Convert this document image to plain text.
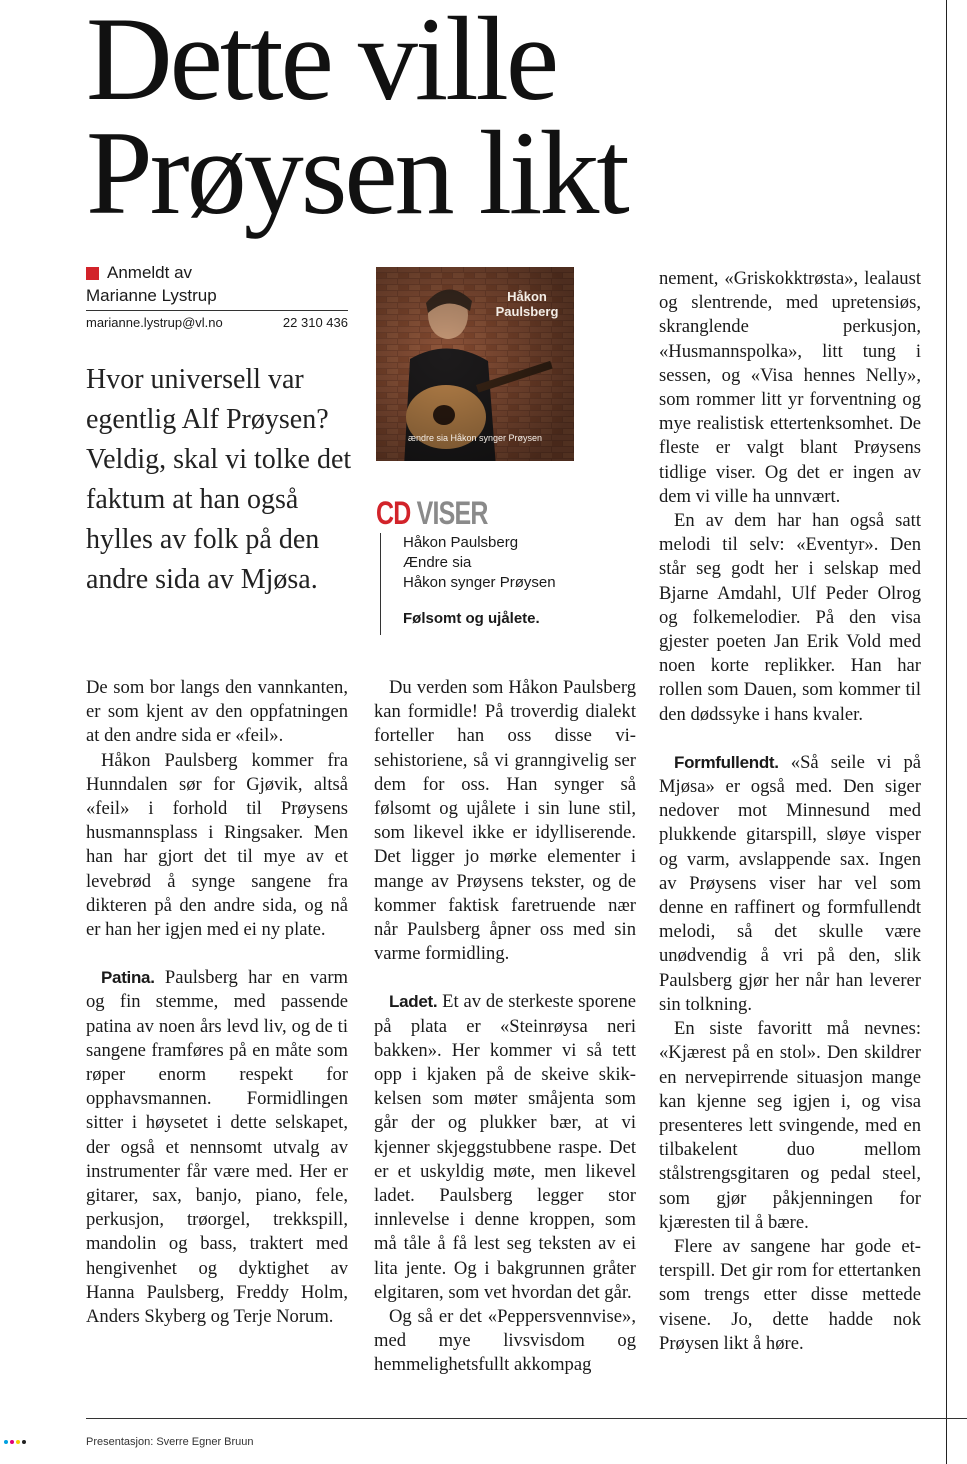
Dette ville
Prøysen likt
Anmeldt av
Marianne Lystrup
marianne.lystrup@vl.no	22 310 436
Hvor universell var egentlig Alf Prøysen? Veldig, skal vi tolke det faktum at han også hylles av folk på den andre sida av Mjøsa.
Håkon
Paulsberg
ændre sia Håkon synger Prøysen
CD VISER
Håkon Paulsberg
Ændre sia
Håkon synger Prøysen
Følsomt og ujålete.

De som bor langs den vannkanten, er som kjent av den oppfatningen at den andre sida er «feil».

Håkon Paulsberg kommer fra Hunndalen sør for Gjøvik, altså «feil» i forhold til Prøysens husmannsplass i Ringsaker. Men han har gjort det til mye av et levebrød å synge sangene fra dikteren på den andre sida, og nå er han her igjen med ei ny plate.

Patina. Paulsberg har en varm og fin stemme, med passende patina av noen års levd liv, og de ti sangene framføres på en måte som røper enorm respekt for opphavsmannen. Formidlingen sitter i høysetet i dette selskapet, der også et nennsomt utvalg av instrumenter får være med. Her er gitarer, sax, banjo, piano, fele, perkusjon, trøorgel, trekkspill, mandolin og bass, traktert med hengivenhet og dyktighet av Hanna Paulsberg, Freddy Holm, Anders Skyberg og Terje Norum.

Du verden som Håkon Paulsberg kan formidle! På troverdig dialekt forteller han oss disse visehistoriene, så vi granngivelig ser dem for oss. Han synger så følsomt og ujålete i sin lune stil, som likevel ikke er idylliserende. Det ligger jo mørke elementer i mange av Prøysens tekster, og de kommer faktisk faretruende nær når Paulsberg åpner oss med sin varme formidling.

Ladet. Et av de sterkeste sporene på plata er «Steinrøysa neri bakken». Her kommer vi så tett opp i kjaken på de skeive skikkelsen som møter småjenta som går der og plukker bær, at vi kjenner skjeggstubbene raspe. Det er et uskyldig møte, men likevel ladet. Paulsberg legger stor innlevelse i denne kroppen, som må tåle å få lest seg teksten av ei lita jente. Og i bakgrunnen gråter elgitaren, som vet hvordan det går.

Og så er det «Peppersvennvise», med mye livsvisdom og hemmelighetsfullt akkompag

nement, «Griskokktrøsta», lealaust og slentrende, med upretensiøs, skranglende perkusjon, «Husmannspolka», litt tung i sessen, og «Visa hennes Nelly», som rommer litt yr forventning og mye realistisk ettertenksomhet. De fleste er valgt blant Prøysens tidlige viser. Og det er ingen av dem vi ville ha unnvært.

En av dem har han også satt melodi til selv: «Eventyr». Den står seg godt her i selskap med Bjarne Amdahl, Ulf Peder Olrog og folkemelodier. På den visa gjester poeten Jan Erik Vold med noen korte replikker. Han har rollen som Dauen, som kommer til den dødssyke i hans kvaler.

Formfullendt. «Så seile vi på Mjøsa» er også med. Den siger nedover mot Minnesund med plukkende gitarspill, sløye visper og varm, avslappende sax. Ingen av Prøysens viser har vel som denne en raffinert og formfullendt melodi, så det skulle være unødvendig å vri på den, slik Paulsberg gjør her når han leverer sin tolkning.

En siste favoritt må nevnes: «Kjærest på en stol». Den skildrer en nervepirrende situasjon mange kan kjenne seg igjen i, og visa presenteres lett svingende, med en tilbakelent duo mellom stålstrengsgitaren og pedal steel, som gjør påkjenningen for kjæresten til å bære.

Flere av sangene har gode etterspill. Det gir rom for ettertanken som trengs etter disse mettede visene. Jo, dette hadde nok Prøysen likt å høre.

Presentasjon: Sverre Egner Bruun
